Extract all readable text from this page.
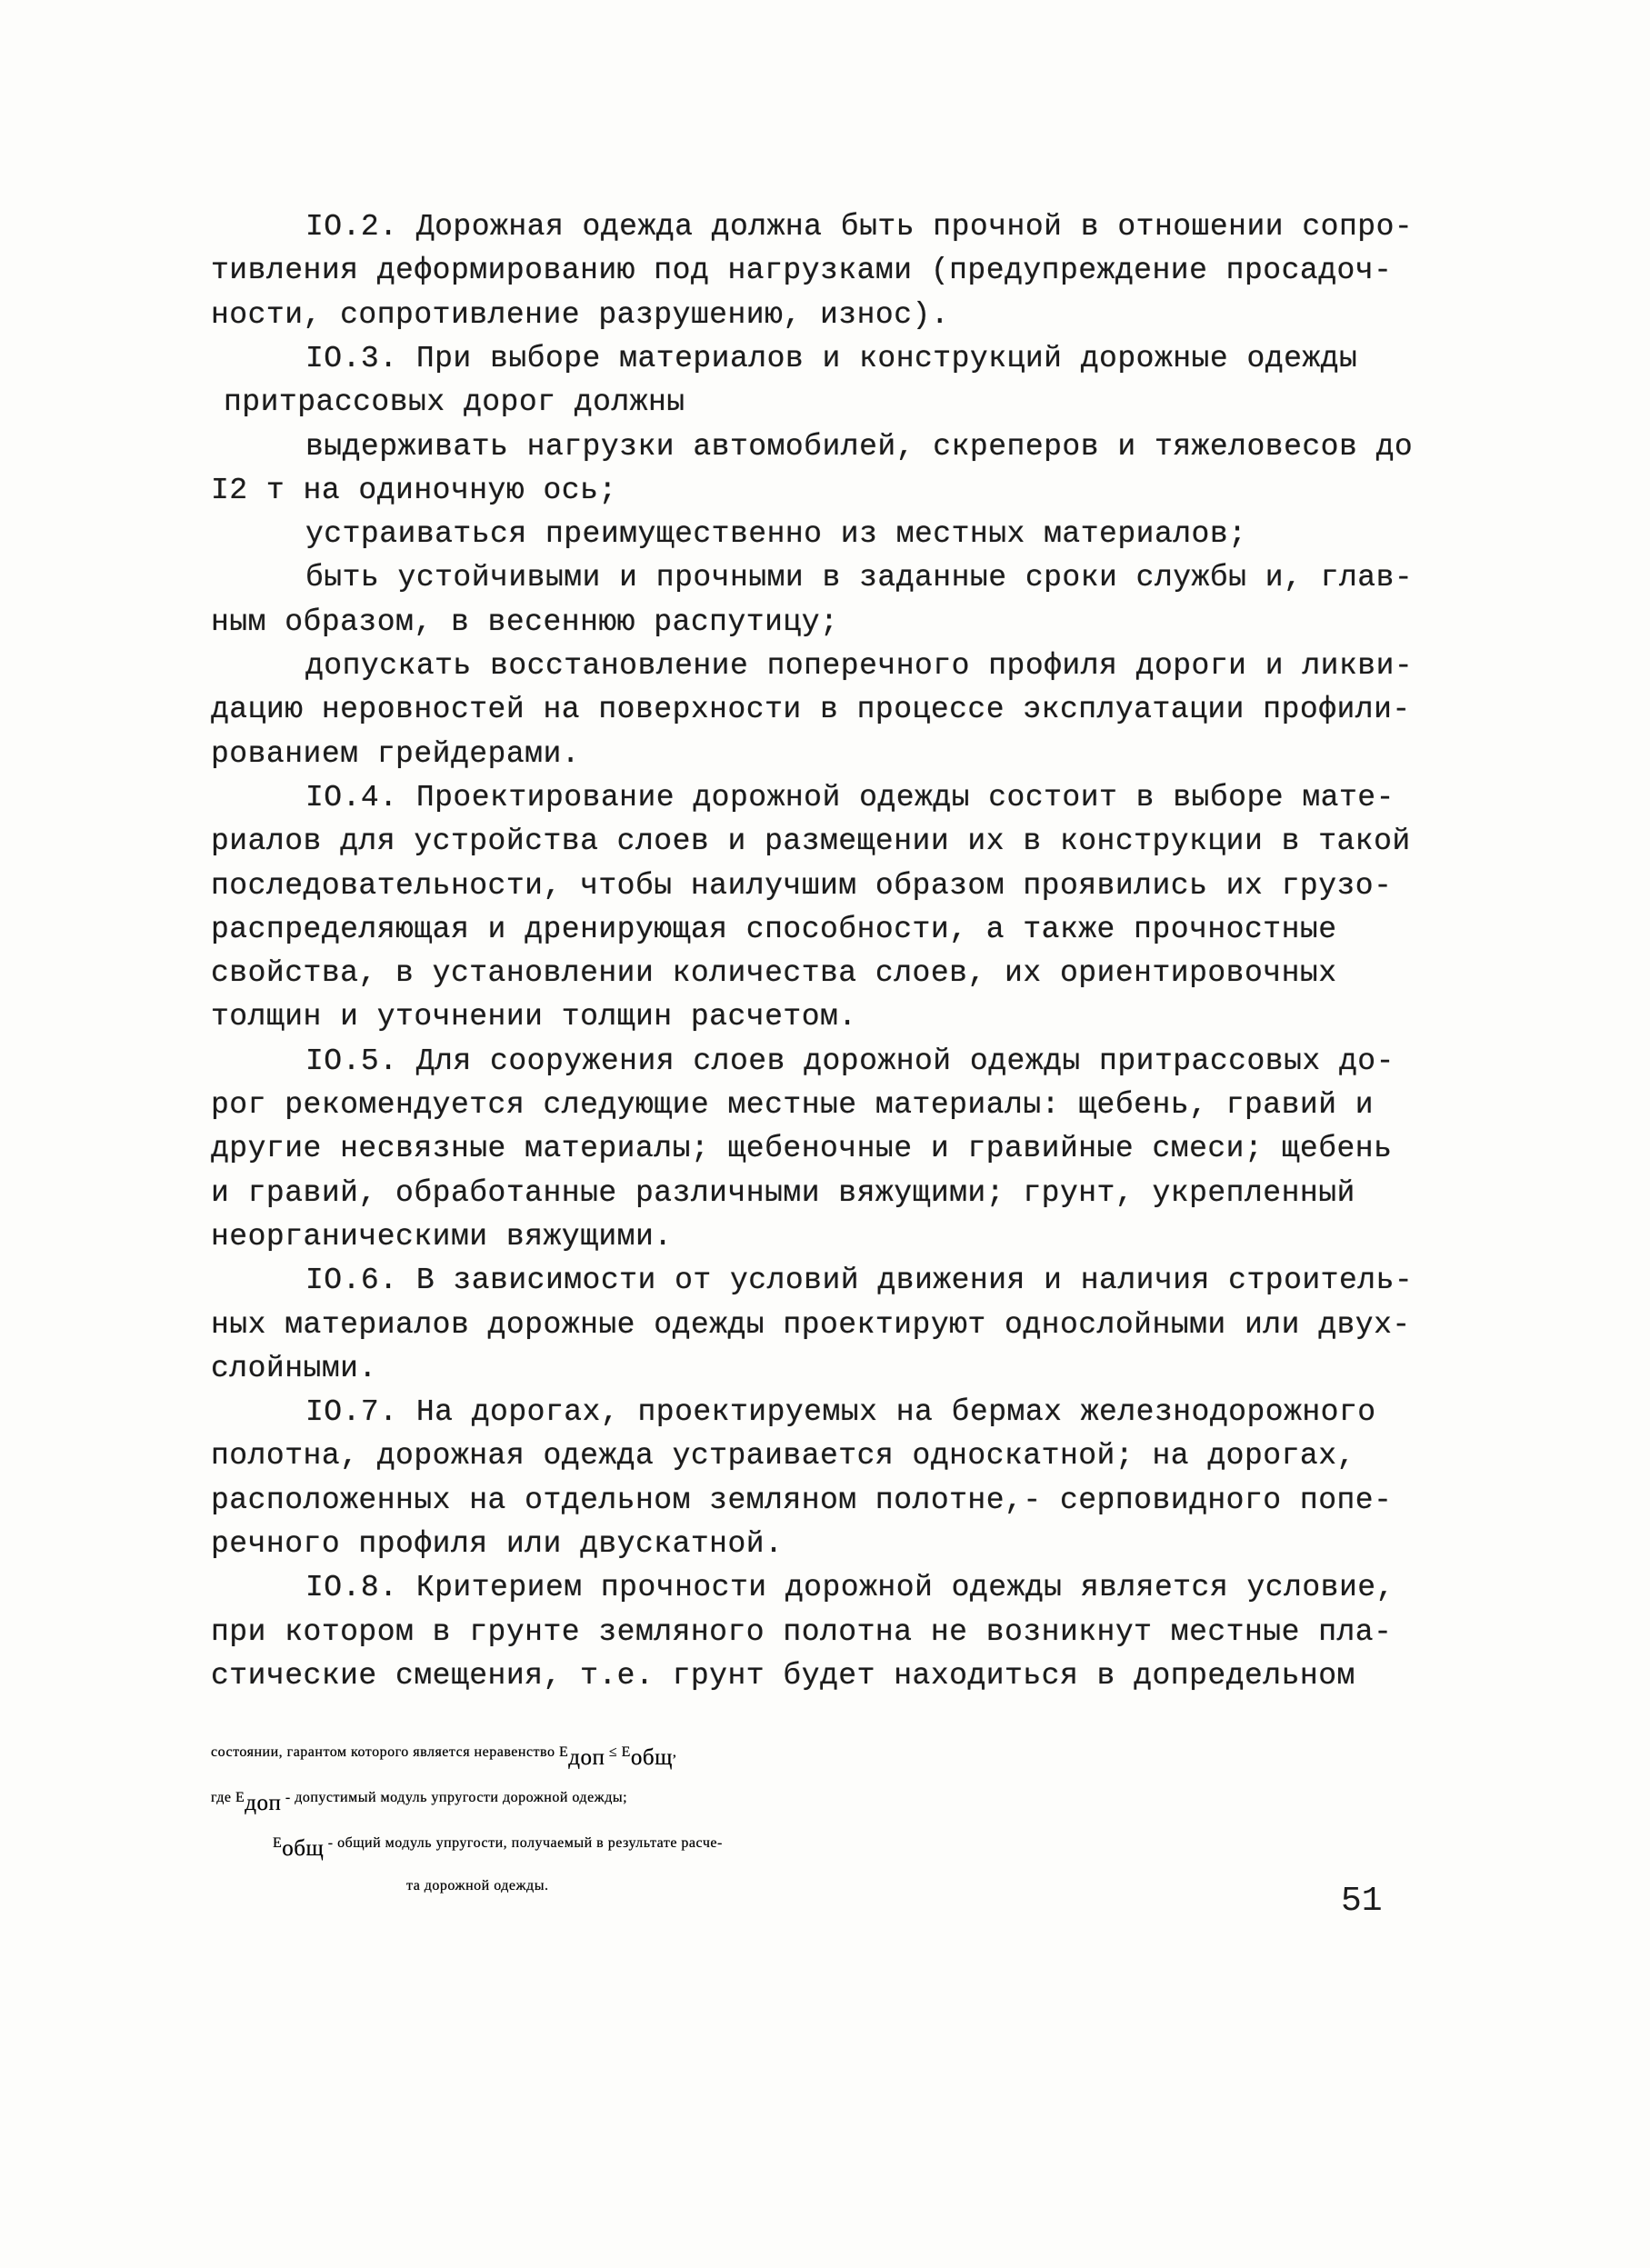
IO.2. Дорожная одежда должна быть прочной в отношении сопро-
тивления деформированию под нагрузками (предупреждение просадоч-
ности, сопротивление разрушению, износ).
IO.3. При выборе материалов и конструкций дорожные одежды
притрассовых дорог должны
выдерживать нагрузки автомобилей, скреперов и тяжеловесов до
I2 т на одиночную ось;
устраиваться преимущественно из местных материалов;
быть устойчивыми и прочными в заданные сроки службы и, глав-
ным образом, в весеннюю распутицу;
допускать восстановление поперечного профиля дороги и ликви-
дацию неровностей на поверхности в процессе эксплуатации профили-
рованием грейдерами.
IO.4. Проектирование дорожной одежды состоит в выборе мате-
риалов для устройства слоев и размещении их в конструкции в такой
последовательности, чтобы наилучшим образом проявились их грузо-
распределяющая и дренирующая способности, а также прочностные
свойства, в установлении количества слоев, их ориентировочных
толщин и уточнении толщин расчетом.
IO.5. Для сооружения слоев дорожной одежды притрассовых до-
рог рекомендуется следующие местные материалы: щебень, гравий и
другие несвязные материалы; щебеночные и гравийные смеси; щебень
и гравий, обработанные различными вяжущими; грунт, укрепленный
неорганическими вяжущими.
IO.6. В зависимости от условий движения и наличия строитель-
ных материалов дорожные одежды проектируют однослойными или двух-
слойными.
IO.7. На дорогах, проектируемых на бермах железнодорожного
полотна, дорожная одежда устраивается односкатной; на дорогах,
расположенных на отдельном земляном полотне,- серповидного попе-
речного профиля или двускатной.
IO.8. Критерием прочности дорожной одежды является условие,
при котором в грунте земляного полотна не возникнут местные пла-
стические смещения, т.е. грунт будет находиться в допредельном
состоянии, гарантом которого является неравенство Eдоп ≤ Eобщ,
где Eдоп - допустимый модуль упругости дорожной одежды;
Eобщ - общий модуль упругости, получаемый в результате расче-
та дорожной одежды.	51
